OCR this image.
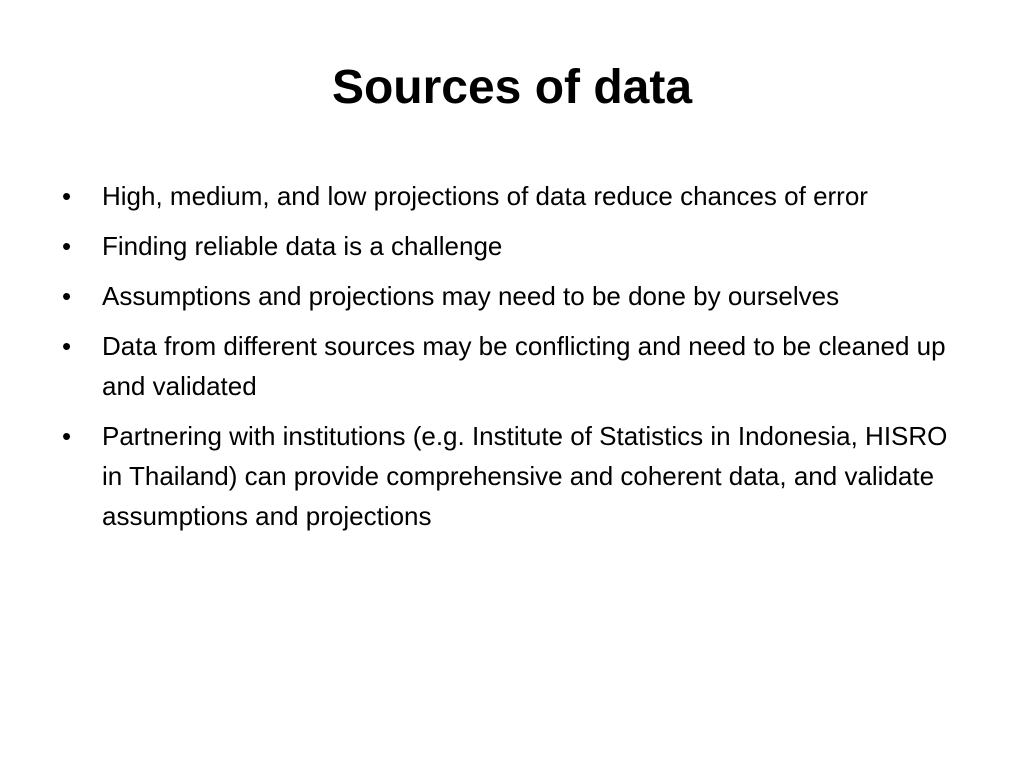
Sources of data
•	High, medium, and low projections of data reduce chances of error
•	Finding reliable data is a challenge
•	Assumptions and projections may need to be done by ourselves
•	Data from different sources may be conflicting and need to be cleaned up and validated
•	Partnering with institutions (e.g. Institute of Statistics in Indonesia, HISRO in Thailand) can provide comprehensive and coherent data, and validate assumptions and projections
